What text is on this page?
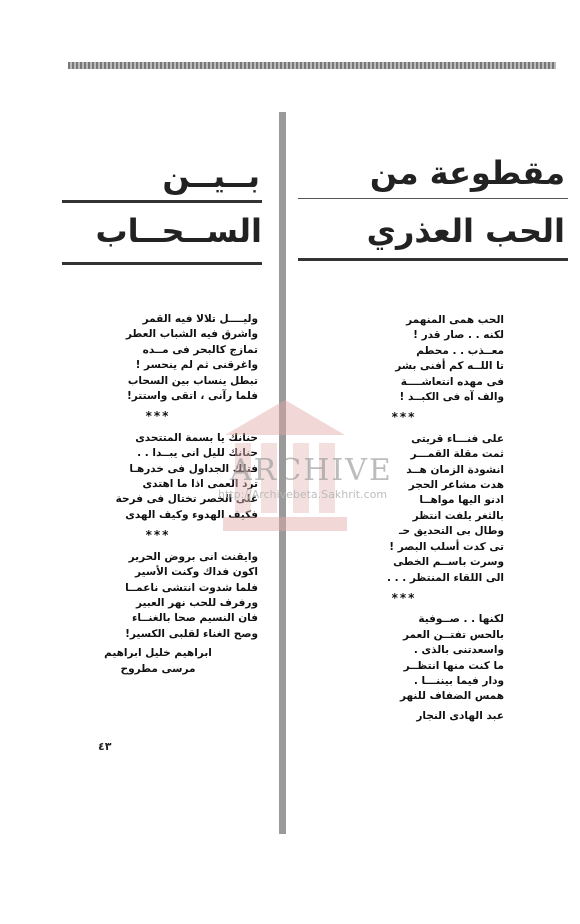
مقطوعة من
الحب العذري
بــيــن
الســحــاب
الحب همى المنهمر
لكنه . . صار قدر !
معــذب . . محطم
تا اللــه كم أفنى بشر
فى مهده انتعاشــــة
والف آه فى الكبــد !
***
على فنـــاء قريتى
ثمت مقلة القمـــر
انشودة الزمان هــد
هدت مشاعر الحجر
ادنو اليها مواهــا
بالثغر يلفت انتظر
وطال بى التحديق حـ
تى كدت أسلب البصر !
وسرت باســم الخطى
الى اللقاء المنتظر . . .
***
لكنها . . صــوفية
بالحس تفتــن العمر
واسعدتنى بالذى .
ما كنت منها انتظــر
ودار فيما بيننـــا .
همس الضفاف للنهر
عبد الهادى النجار
وليــــل تلالا فيه القمر
واشرق فيه الشباب العطر
تمازج كالبحر فى مــده
واغرقنى ثم لم ينحسر !
تبطل ينساب بين السحاب
فلما رآنى ، اتقى واستتر!
***
حنانك يا بسمة المتتحدى
حنانك لليل انى يبــدا . .
فتلك الجداول فى خدرهـا
ترد العمى اذا ما اهتدى
على الخصر تختال فى فرحة
فكيف الهدوء وكيف الهدى
***
وايقنت انى بروض الحرير
اكون فداك وكنت الأسير
فلما شدوت انتشى ناعمــا
ورفرف للحب نهر العبير
فان النسيم صحا بالغنــاء
وصح الغناء لقلبى الكسير!
ابراهيم خليل ابراهيم
مرسى مطروح
٤٣
ARCHIVE
http://Archivebeta.Sakhrit.com
